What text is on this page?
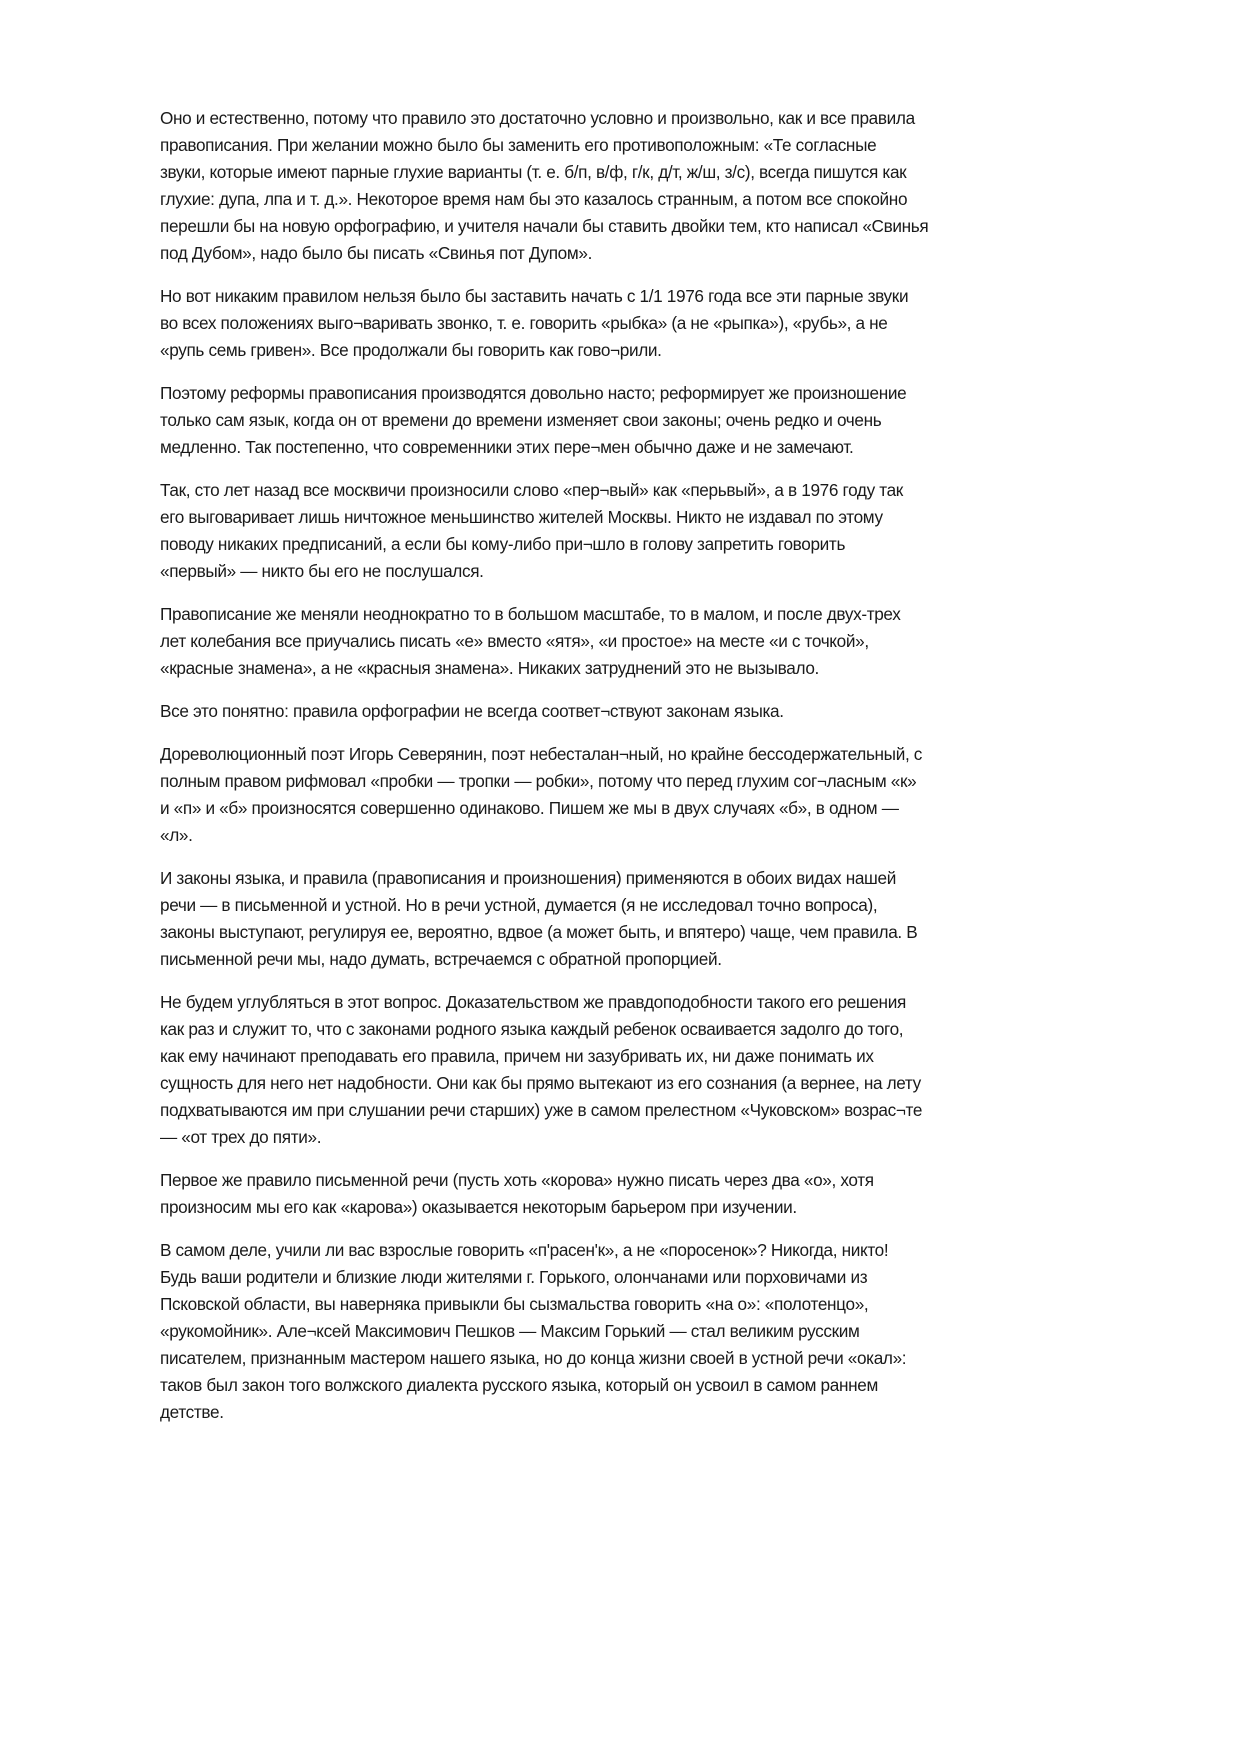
Оно и естественно, потому что правило это достаточно условно и произвольно, как и все правила
правописания. При желании можно было бы заменить его противоположным: «Те согласные
звуки, которые имеют парные глухие варианты (т. е. б/п, в/ф, г/к, д/т, ж/ш, з/с), всегда пишутся как
глухие: дупа, лпа и т. д.». Некоторое время нам бы это казалось странным, а потом все спокойно
перешли бы на новую орфографию, и учителя начали бы ставить двойки тем, кто написал «Свинья
под Дубом», надо было бы писать «Свинья пот Дупом».
Но вот никаким правилом нельзя было бы заставить начать с 1/1 1976 года все эти парные звуки
во всех положениях выго¬варивать звонко, т. е. говорить «рыбка» (а не «рыпка»), «рубь», а не
«рупь семь гривен». Все продолжали бы говорить как гово¬рили.
Поэтому реформы правописания производятся довольно насто; реформирует же произношение
только сам язык, когда он от времени до времени изменяет свои законы; очень редко и очень
медленно. Так постепенно, что современники этих пере¬мен обычно даже и не замечают.
Так, сто лет назад все москвичи произносили слово «пер¬вый» как «перьвый», а в 1976 году так
его выговаривает лишь ничтожное меньшинство жителей Москвы. Никто не издавал по этому
поводу никаких предписаний, а если бы кому-либо при¬шло в голову запретить говорить
«первый» — никто бы его не послушался.
Правописание же меняли неоднократно то в большом масштабе, то в малом, и после двух-трех
лет колебания все приучались писать «е» вместо «ятя», «и простое» на месте «и с точкой»,
«красные знамена», а не «красныя знамена». Никаких затруднений это не вызывало.
Все это понятно: правила орфографии не всегда соответ¬ствуют законам языка.
Дореволюционный поэт Игорь Северянин, поэт небесталан¬ный, но крайне бессодержательный, с
полным правом рифмовал «пробки — тропки — робки», потому что перед глухим сог¬ласным «к»
и «п» и «б» произносятся совершенно одинаково. Пишем же мы в двух случаях «б», в одном —
«л».
И законы языка, и правила (правописания и произношения) применяются в обоих видах нашей
речи — в письменной и устной. Но в речи устной, думается (я не исследовал точно вопроса),
законы выступают, регулируя ее, вероятно, вдвое (а может быть, и впятеро) чаще, чем правила. В
письменной речи мы, надо думать, встречаемся с обратной пропорцией.
Не будем углубляться в этот вопрос. Доказательством же правдоподобности такого его решения
как раз и служит то, что с законами родного языка каждый ребенок осваивается задолго до того,
как ему начинают преподавать его правила, причем ни зазубривать их, ни даже понимать их
сущность для него нет надобности. Они как бы прямо вытекают из его сознания (а вернее, на лету
подхватываются им при слушании речи старших) уже в самом прелестном «Чуковском» возрас¬те
— «от трех до пяти».
Первое же правило письменной речи (пусть хоть «корова» нужно писать через два «о», хотя
произносим мы его как «карова») оказывается некоторым барьером при изучении.
В самом деле, учили ли вас взрослые говорить «п'расен'к», а не «поросенок»? Никогда, никто!
Будь ваши родители и близкие люди жителями г. Горького, олончанами или порховичами из
Псковской области, вы наверняка привыкли бы сызмальства говорить «на о»: «полотенцо»,
«рукомойник». Але¬ксей Максимович Пешков — Максим Горький — стал великим русским
писателем, признанным мастером нашего языка, но до конца жизни своей в устной речи «окал»:
таков был закон того волжского диалекта русского языка, который он усвоил в самом раннем
детстве.
